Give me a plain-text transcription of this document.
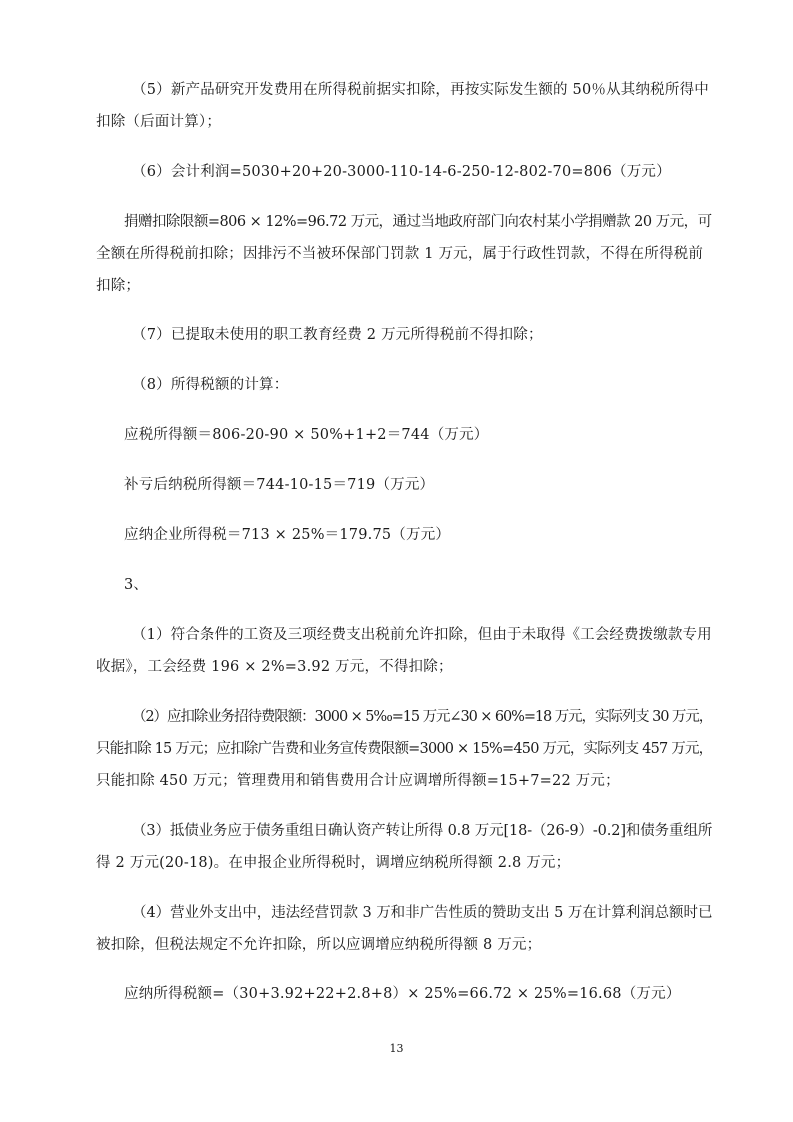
（5）新产品研究开发费用在所得税前据实扣除，再按实际发生额的 50％从其纳税所得中
扣除（后面计算）；
（6）会计利润=5030+20+20-3000-110-14-6-250-12-802-70=806（万元）
捐赠扣除限额=806 × 12%=96.72 万元，通过当地政府部门向农村某小学捐赠款 20 万元，可
全额在所得税前扣除；因排污不当被环保部门罚款 1 万元，属于行政性罚款，不得在所得税前
扣除；
（7）已提取未使用的职工教育经费 2 万元所得税前不得扣除；
（8）所得税额的计算：
应税所得额＝806-20-90 × 50%+1+2＝744（万元）
补亏后纳税所得额＝744-10-15＝719（万元）
应纳企业所得税＝713 × 25%＝179.75（万元）
3、
（1）符合条件的工资及三项经费支出税前允许扣除，但由于未取得《工会经费拨缴款专用
收据》，工会经费 196 × 2%=3.92 万元，不得扣除；
（2）应扣除业务招待费限额：3000 × 5‰=15 万元∠30 × 60%=18 万元，实际列支 30 万元，
只能扣除 15 万元；应扣除广告费和业务宣传费限额=3000 × 15%=450 万元，实际列支 457 万元，
只能扣除 450 万元；管理费用和销售费用合计应调增所得额=15+7=22 万元；
（3）抵债业务应于债务重组日确认资产转让所得 0.8 万元[18-（26-9）-0.2]和债务重组所
得 2 万元(20-18)。在申报企业所得税时，调增应纳税所得额 2.8 万元；
（4）营业外支出中，违法经营罚款 3 万和非广告性质的赞助支出 5 万在计算利润总额时已
被扣除，但税法规定不允许扣除，所以应调增应纳税所得额 8 万元；
应纳所得税额=（30+3.92+22+2.8+8）× 25%=66.72 × 25%=16.68（万元）
13
